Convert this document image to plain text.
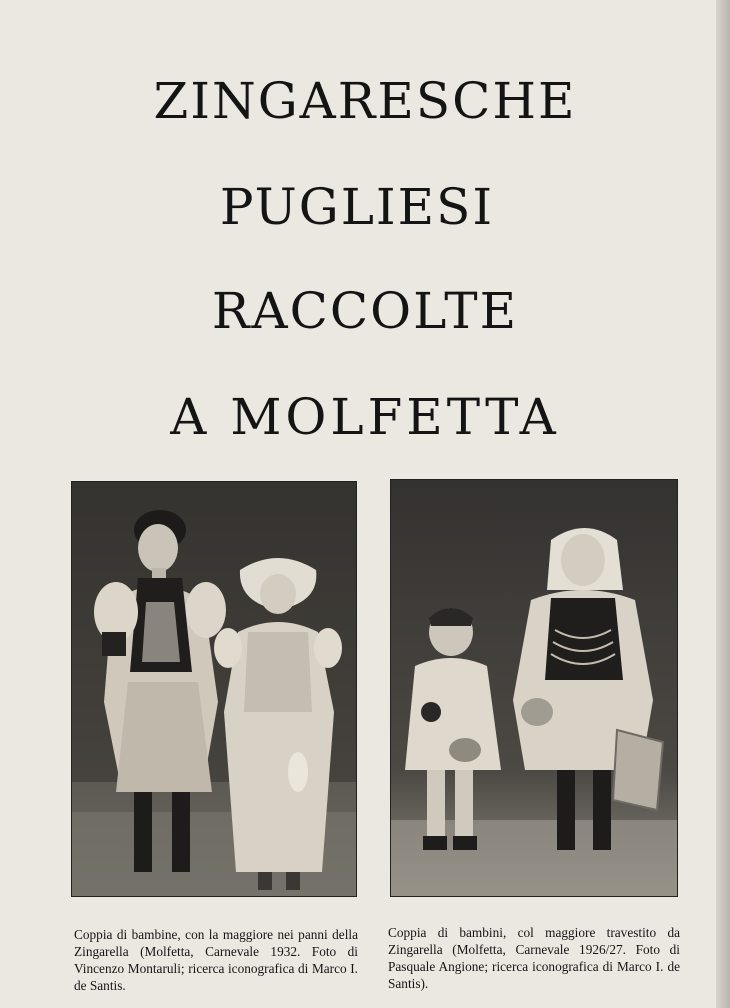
ZINGARESCHE
PUGLIESI
RACCOLTE
A MOLFETTA

Coppia di bambine, con la maggiore nei panni della Zingarella (Molfetta, Carnevale 1932. Foto di Vincenzo Montaruli; ricerca iconografica di Marco I. de Santis.

Coppia di bambini, col maggiore travestito da Zingarella (Molfetta, Carnevale 1926/27. Foto di Pasquale Angione; ricerca iconografica di Marco I. de Santis).
